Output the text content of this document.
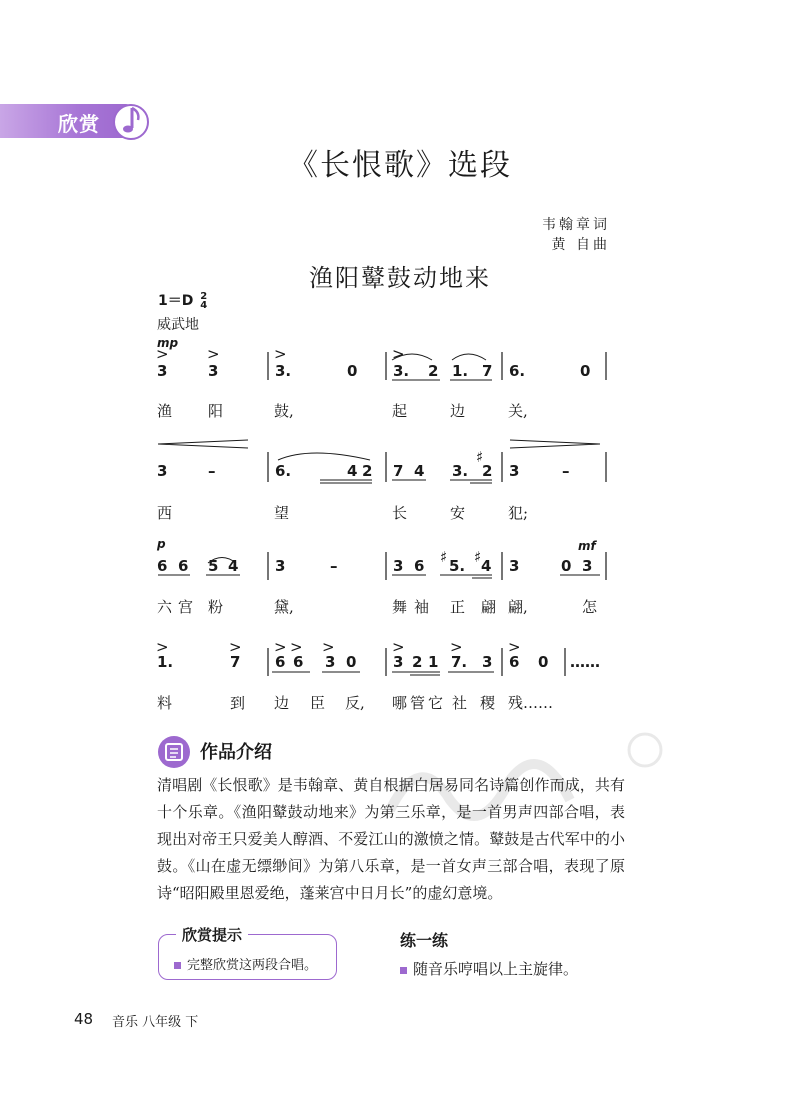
欣赏
《长恨歌》选段
韦翰章词
黄 自曲
渔阳鼙鼓动地来
1＝D 2
4
威武地
mp
p	mf
>	>	>	>
>	> > > >	>	>	>
♯
♯ ♯
3	3	3.	0 3. 2 1. 7 6.	0
3	–	6.	4 2 7 4 3. 2 3	–
6 6 5 4 3	–	3 6 5. 4 3	0 3
1.	7 6 6 3 0 3 2 1 7. 3 6 0 ……
渔 阳	鼓,	起	边	关,
西	望	长	安	犯;
六 宫 粉	黛,	舞 袖 正 翩 翩,	怎
料	到 边 臣 反, 哪 管 它 社 稷 残……
作品介绍

清唱剧《长恨歌》是韦翰章、黄自根据白居易同名诗篇创作而成，共有十个乐章。《渔阳鼙鼓动地来》为第三乐章，是一首男声四部合唱，表现出对帝王只爱美人醇酒、不爱江山的激愤之情。鼙鼓是古代军中的小鼓。《山在虚无缥缈间》为第八乐章，是一首女声三部合唱，表现了原诗“昭阳殿里恩爱绝，蓬莱宫中日月长”的虚幻意境。

欣赏提示
完整欣赏这两段合唱。
练一练
随音乐哼唱以上主旋律。
48 音乐 八年级 下
